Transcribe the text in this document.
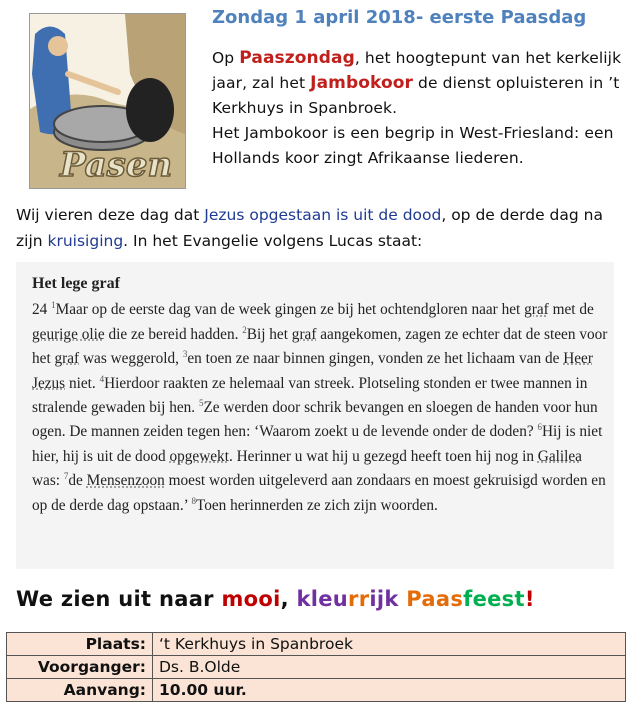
Pasen
Zondag 1 april 2018- eerste Paasdag
Op Paaszondag, het hoogtepunt van het kerkelijk jaar, zal het Jambokoor de dienst opluisteren in ’t Kerkhuys in Spanbroek.
Het Jambokoor is een begrip in West-Friesland: een Hollands koor zingt Afrikaanse liederen.
Wij vieren deze dag dat Jezus opgestaan is uit de dood, op de derde dag na zijn kruisiging. In het Evangelie volgens Lucas staat:
Het lege graf
24 $^1$Maar op de eerste dag van de week gingen ze bij het ochtendgloren naar het graf met de geurige olie die ze bereid hadden. $^2$Bij het graf aangekomen, zagen ze echter dat de steen voor het graf was weggerold, $^3$en toen ze naar binnen gingen, vonden ze het lichaam van de Heer Jezus niet. $^4$Hierdoor raakten ze helemaal van streek. Plotseling stonden er twee mannen in stralende gewaden bij hen. $^5$Ze werden door schrik bevangen en sloegen de handen voor hun ogen. De mannen zeiden tegen hen: ‘Waarom zoekt u de levende onder de doden? $^6$Hij is niet hier, hij is uit de dood opgewekt. Herinner u wat hij u gezegd heeft toen hij nog in Galilea was: $^7$de Mensenzoon moest worden uitgeleverd aan zondaars en moest gekruisigd worden en op de derde dag opstaan.’ $^8$Toen herinnerden ze zich zijn woorden.
We zien uit naar mooi, kleurrijk Paasfeest!
Plaats:	‘t Kerkhuys in Spanbroek
Voorganger:	Ds. B.Olde
Aanvang:	10.00 uur.
